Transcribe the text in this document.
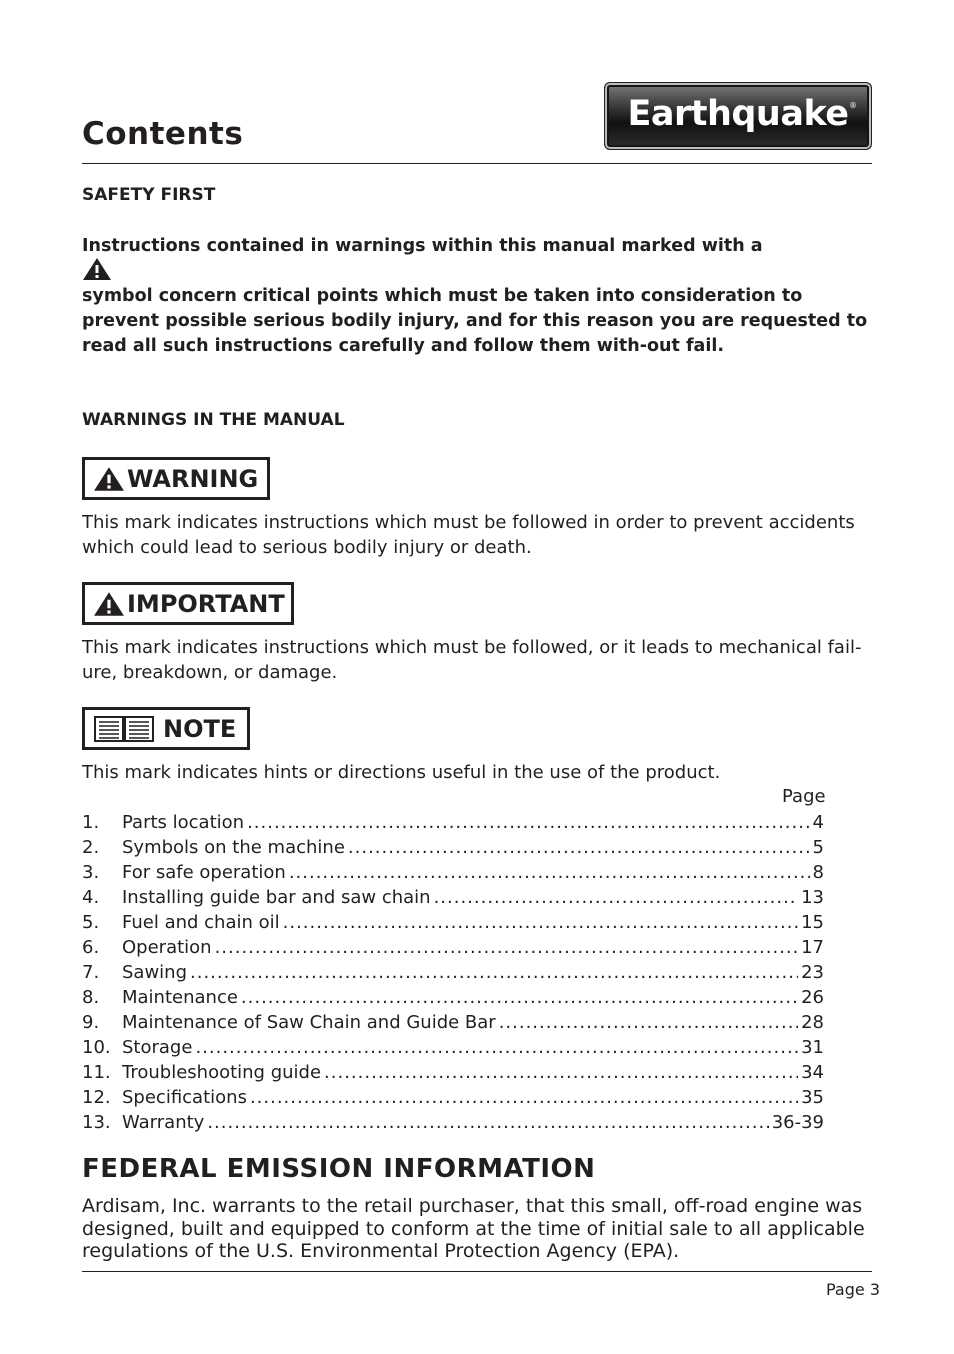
Contents	Earthquake ®
SAFETY FIRST
Instructions contained in warnings within this manual marked with a
symbol concern critical points which must be taken into consideration to prevent possible serious bodily injury, and for this reason you are requested to read all such instructions carefully and follow them with-out fail.
WARNINGS IN THE MANUAL
WARNING
This mark indicates instructions which must be followed in order to prevent accidents which could lead to serious bodily injury or death.
IMPORTANT
This mark indicates instructions which must be followed, or it leads to mechanical fail-ure, breakdown, or damage.
NOTE
This mark indicates hints or directions useful in the use of the product.
Page
1.	Parts location .....	4
2.	Symbols on the machine .....	5
3.	For safe operation .....	8
4.	Installing guide bar and saw chain .....	13
5.	Fuel and chain oil .....	15
6.	Operation .....	17
7.	Sawing .....	23
8.	Maintenance .....	26
9.	Maintenance of Saw Chain and Guide Bar .....	28
10. Storage .....	31
11. Troubleshooting guide .....	34
12. Specifications .....	35
13. Warranty .....	36-39
FEDERAL EMISSION INFORMATION
Ardisam, Inc. warrants to the retail purchaser, that this small, off-road engine was designed, built and equipped to conform at the time of initial sale to all applicable regulations of the U.S. Environmental Protection Agency (EPA).
Page 3
